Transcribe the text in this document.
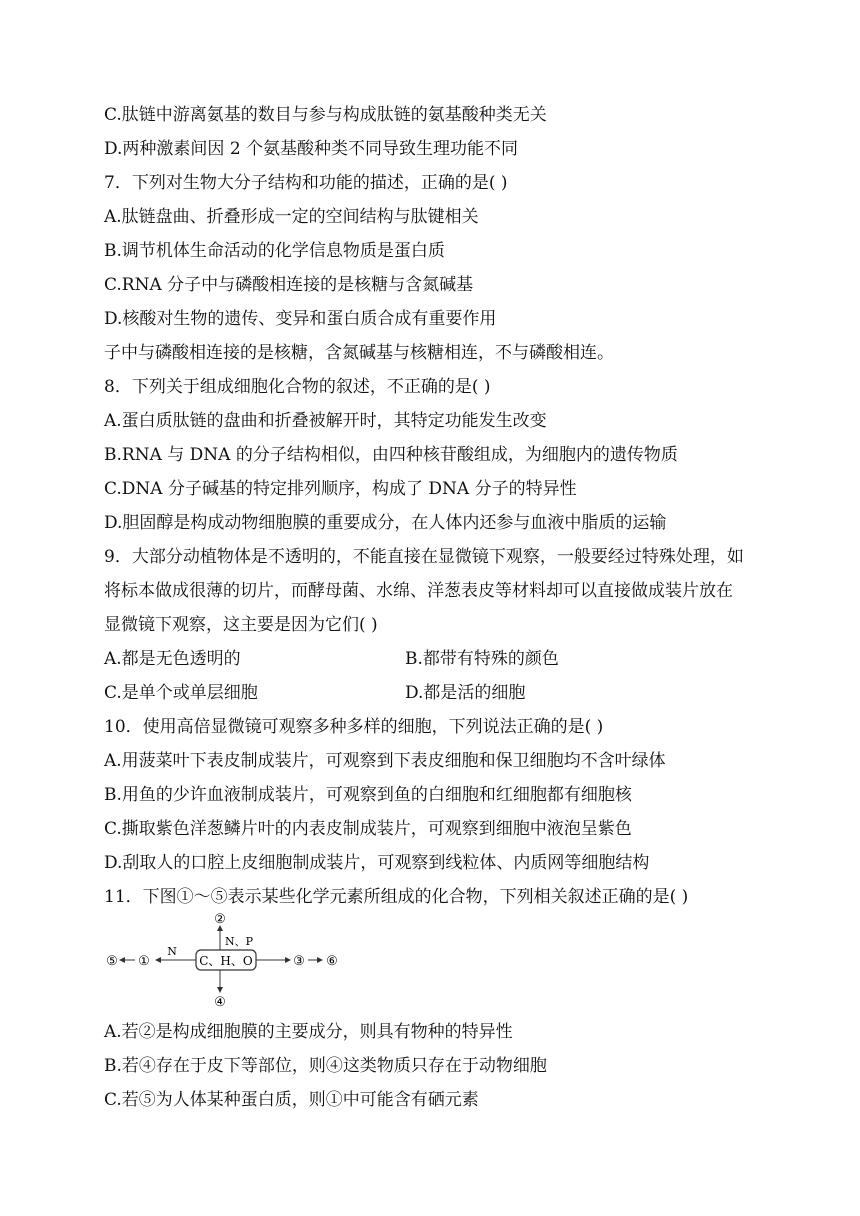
C.肽链中游离氨基的数目与参与构成肽链的氨基酸种类无关
D.两种激素间因 2 个氨基酸种类不同导致生理功能不同
7．下列对生物大分子结构和功能的描述，正确的是( )
A.肽链盘曲、折叠形成一定的空间结构与肽键相关
B.调节机体生命活动的化学信息物质是蛋白质
C.RNA 分子中与磷酸相连接的是核糖与含氮碱基
D.核酸对生物的遗传、变异和蛋白质合成有重要作用
子中与磷酸相连接的是核糖，含氮碱基与核糖相连，不与磷酸相连。
8．下列关于组成细胞化合物的叙述，不正确的是( )
A.蛋白质肽链的盘曲和折叠被解开时，其特定功能发生改变
B.RNA 与 DNA 的分子结构相似，由四种核苷酸组成，为细胞内的遗传物质
C.DNA 分子碱基的特定排列顺序，构成了 DNA 分子的特异性
D.胆固醇是构成动物细胞膜的重要成分，在人体内还参与血液中脂质的运输
9．大部分动植物体是不透明的，不能直接在显微镜下观察，一般要经过特殊处理，如
将标本做成很薄的切片，而酵母菌、水绵、洋葱表皮等材料却可以直接做成装片放在
显微镜下观察，这主要是因为它们( )
A.都是无色透明的	B.都带有特殊的颜色
C.是单个或单层细胞	D.都是活的细胞
10．使用高倍显微镜可观察多种多样的细胞，下列说法正确的是( )
A.用菠菜叶下表皮制成装片，可观察到下表皮细胞和保卫细胞均不含叶绿体
B.用鱼的少许血液制成装片，可观察到鱼的白细胞和红细胞都有细胞核
C.撕取紫色洋葱鳞片叶的内表皮制成装片，可观察到细胞中液泡呈紫色
D.刮取人的口腔上皮细胞制成装片，可观察到线粒体、内质网等细胞结构
11．下图①～⑤表示某些化学元素所组成的化合物，下列相关叙述正确的是( )
C、H、O
②
N、P
N
①
⑤	③ ⑥
④
A.若②是构成细胞膜的主要成分，则具有物种的特异性
B.若④存在于皮下等部位，则④这类物质只存在于动物细胞
C.若⑤为人体某种蛋白质，则①中可能含有硒元素
